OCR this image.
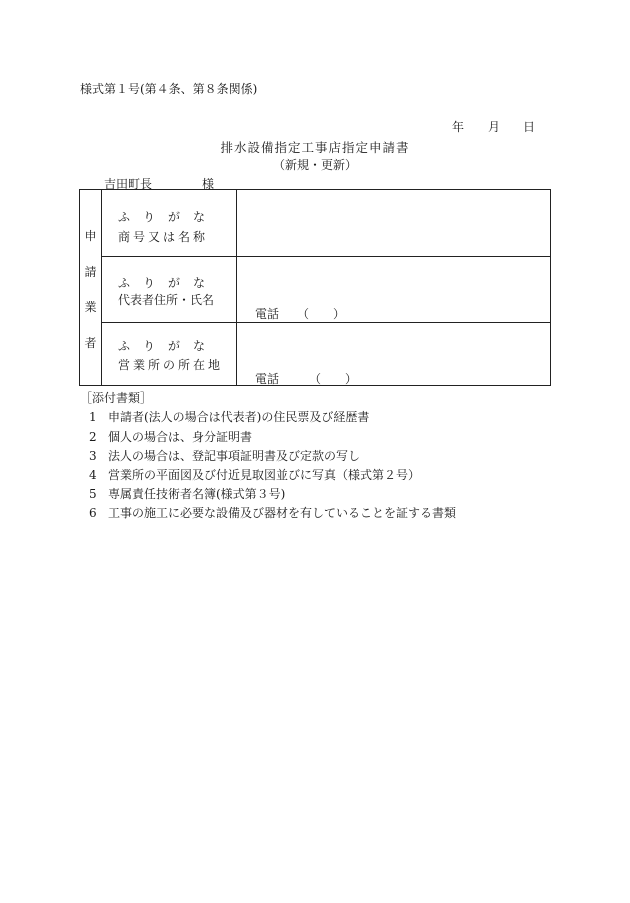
様式第１号(第４条、第８条関係)
年 月 日
排水設備指定工事店指定申請書
（新規・更新）
吉田町長	様
申
請
業
者
ふりがな
商号又は名称
ふりがな
代表者住所・氏名
電話　　（　　）
ふりがな
営業所の所在地
電話　　　（　　）
［添付書類］
1 申請者(法人の場合は代表者)の住民票及び経歴書
2 個人の場合は、身分証明書
3 法人の場合は、登記事項証明書及び定款の写し
4 営業所の平面図及び付近見取図並びに写真（様式第２号）
5 専属責任技術者名簿(様式第３号)
6 工事の施工に必要な設備及び器材を有していることを証する書類
